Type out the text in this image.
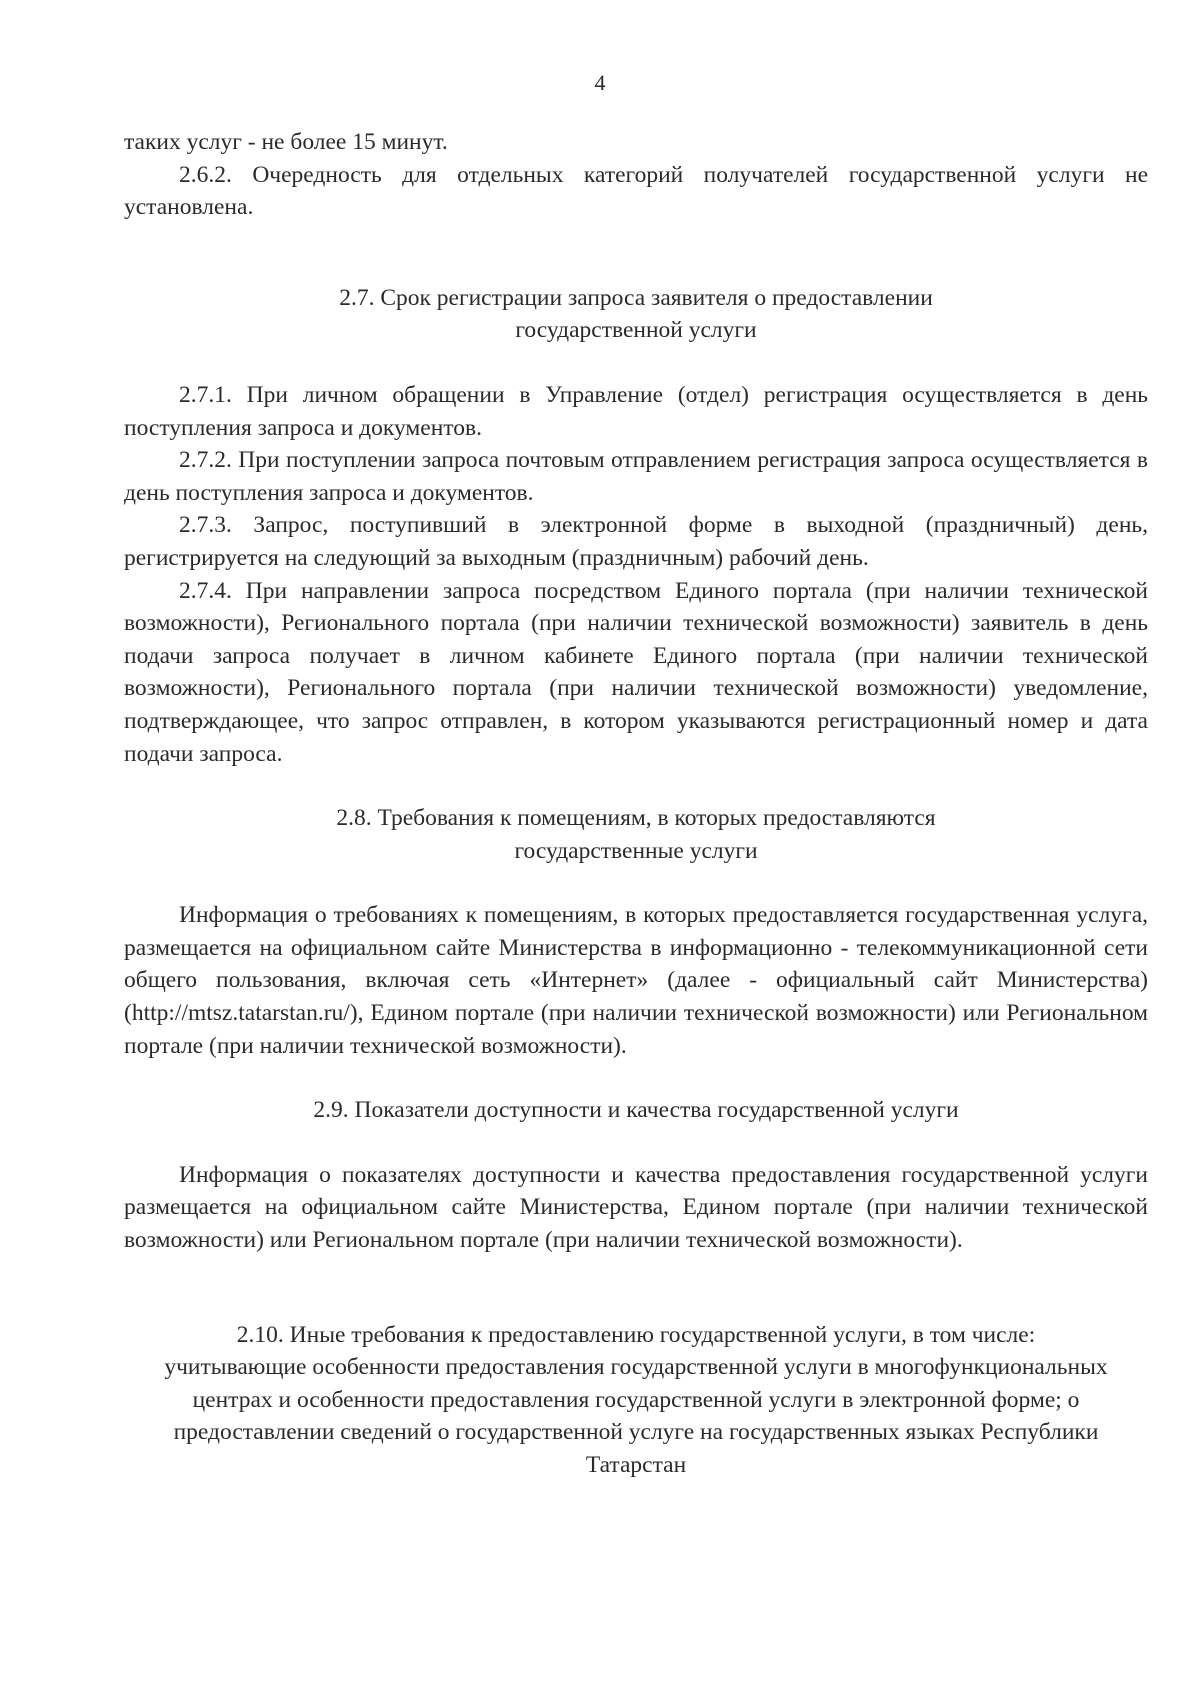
4

таких услуг - не более 15 минут.

2.6.2. Очередность для отдельных категорий получателей государственной услуги не установлена.

2.7. Срок регистрации запроса заявителя о предоставлении государственной услуги

2.7.1. При личном обращении в Управление (отдел) регистрация осуществляется в день поступления запроса и документов.

2.7.2. При поступлении запроса почтовым отправлением регистрация запроса осуществляется в день поступления запроса и документов.

2.7.3. Запрос, поступивший в электронной форме в выходной (праздничный) день, регистрируется на следующий за выходным (праздничным) рабочий день.

2.7.4. При направлении запроса посредством Единого портала (при наличии технической возможности), Регионального портала (при наличии технической возможности) заявитель в день подачи запроса получает в личном кабинете Единого портала (при наличии технической возможности), Регионального портала (при наличии технической возможности) уведомление, подтверждающее, что запрос отправлен, в котором указываются регистрационный номер и дата подачи запроса.

2.8. Требования к помещениям, в которых предоставляются государственные услуги

Информация о требованиях к помещениям, в которых предоставляется государственная услуга, размещается на официальном сайте Министерства в информационно - телекоммуникационной сети общего пользования, включая сеть «Интернет» (далее - официальный сайт Министерства) (http://mtsz.tatarstan.ru/), Едином портале (при наличии технической возможности) или Региональном портале (при наличии технической возможности).

2.9. Показатели доступности и качества государственной услуги

Информация о показателях доступности и качества предоставления государственной услуги размещается на официальном сайте Министерства, Едином портале (при наличии технической возможности) или Региональном портале (при наличии технической возможности).

2.10. Иные требования к предоставлению государственной услуги, в том числе: учитывающие особенности предоставления государственной услуги в многофункциональных центрах и особенности предоставления государственной услуги в электронной форме; о предоставлении сведений о государственной услуге на государственных языках Республики Татарстан
